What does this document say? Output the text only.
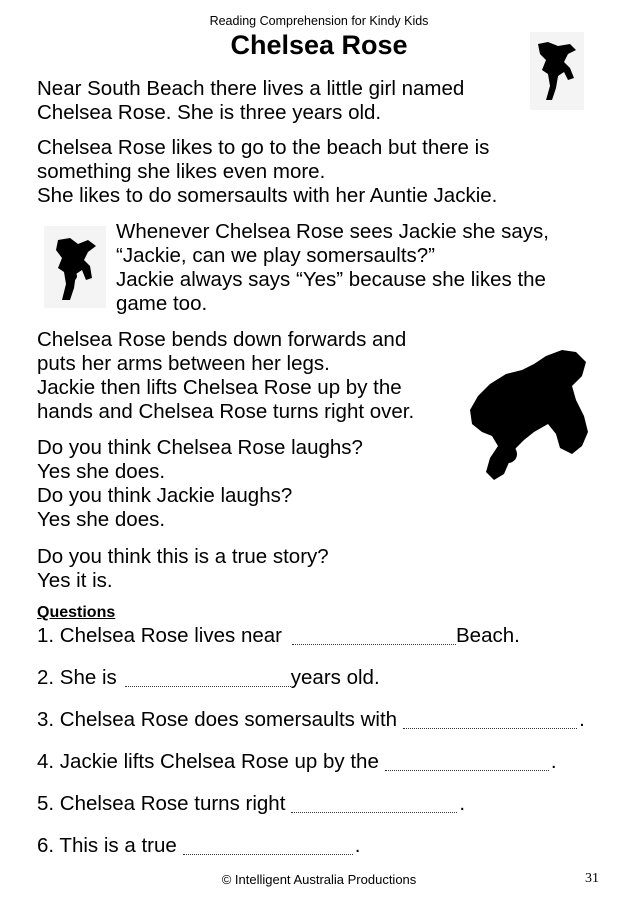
Reading Comprehension for Kindy Kids
Chelsea Rose
Near South Beach there lives a little girl named
Chelsea Rose. She is three years old.
Chelsea Rose likes to go to the beach but there is
something she likes even more.
She likes to do somersaults with her Auntie Jackie.
Whenever Chelsea Rose sees Jackie she says,
“Jackie, can we play somersaults?”
Jackie always says “Yes” because she likes the
game too.
Chelsea Rose bends down forwards and
puts her arms between her legs.
Jackie then lifts Chelsea Rose up by the
hands and Chelsea Rose turns right over.
Do you think Chelsea Rose laughs?
Yes she does.
Do you think Jackie laughs?
Yes she does.
Do you think this is a true story?
Yes it is.
Questions
1. Chelsea Rose lives near	Beach.
2. She is	years old.
3. Chelsea Rose does somersaults with	.
4. Jackie lifts Chelsea Rose up by the	.
5. Chelsea Rose turns right	.
6. This is a true	.
© Intelligent Australia Productions	31
